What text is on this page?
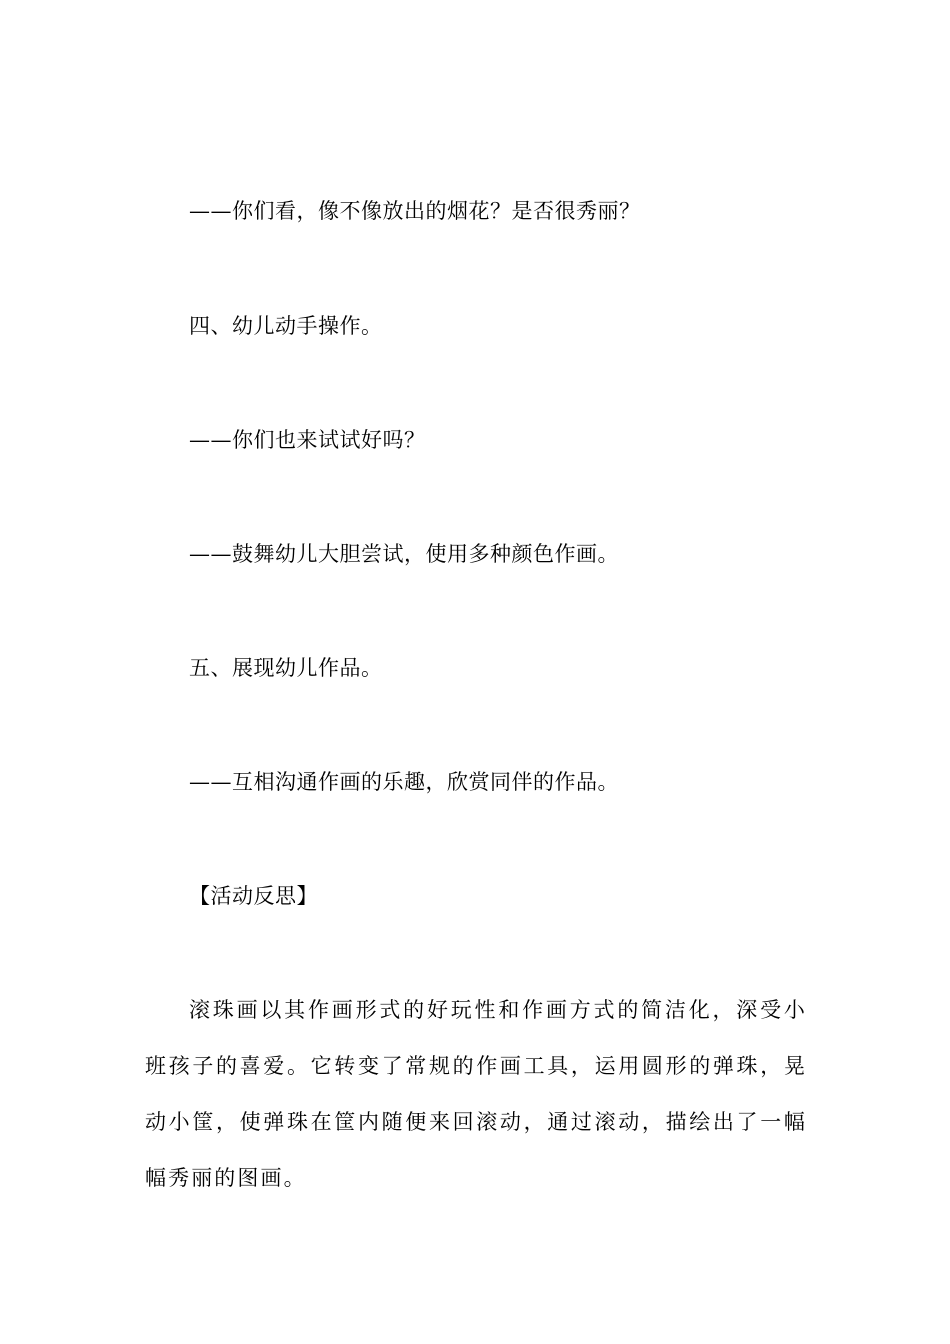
——你们看，像不像放出的烟花？是否很秀丽？
四、幼儿动手操作。
——你们也来试试好吗？
——鼓舞幼儿大胆尝试，使用多种颜色作画。
五、展现幼儿作品。
——互相沟通作画的乐趣，欣赏同伴的作品。
【活动反思】
滚珠画以其作画形式的好玩性和作画方式的简洁化，深受小班孩子的喜爱。它转变了常规的作画工具，运用圆形的弹珠，晃动小筐，使弹珠在筐内随便来回滚动，通过滚动，描绘出了一幅幅秀丽的图画。
